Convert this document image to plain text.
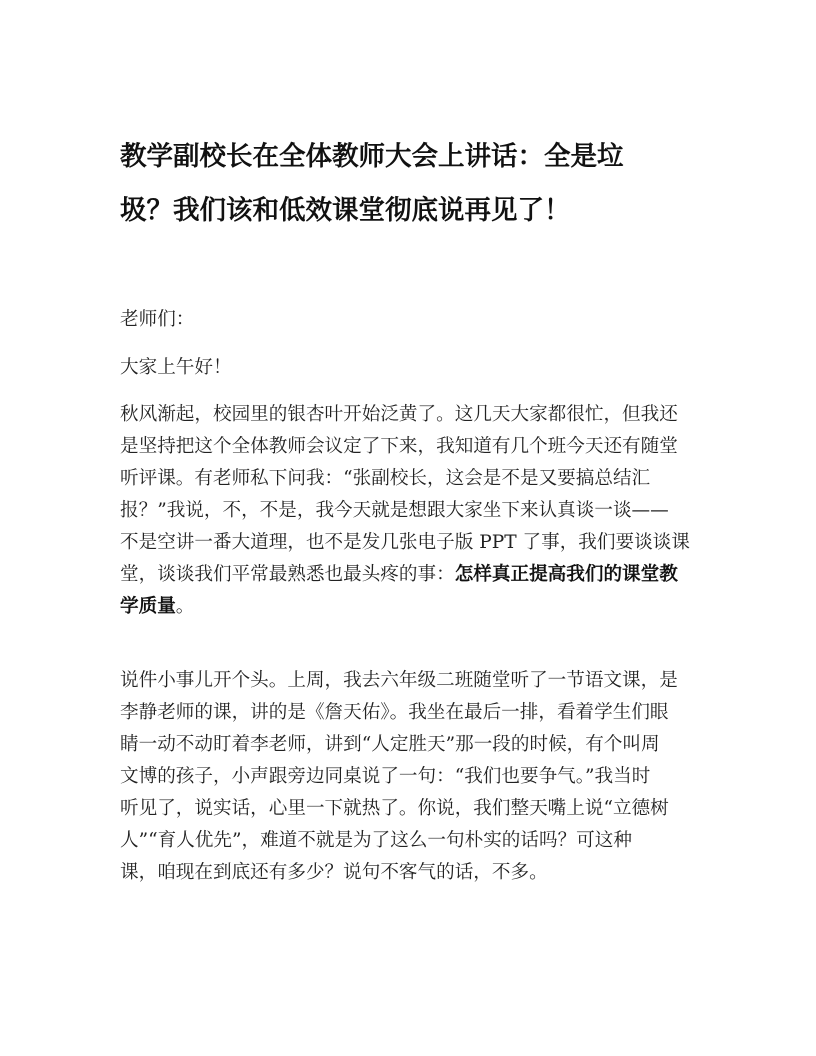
教学副校长在全体教师大会上讲话：全是垃
圾？我们该和低效课堂彻底说再见了！
老师们：
大家上午好！
秋风渐起，校园里的银杏叶开始泛黄了。这几天大家都很忙，但我还
是坚持把这个全体教师会议定了下来，我知道有几个班今天还有随堂
听评课。有老师私下问我：“张副校长，这会是不是又要搞总结汇
报？”我说，不，不是，我今天就是想跟大家坐下来认真谈一谈——
不是空讲一番大道理，也不是发几张电子版 PPT 了事，我们要谈谈课
堂，谈谈我们平常最熟悉也最头疼的事：怎样真正提高我们的课堂教
学质量。
说件小事儿开个头。上周，我去六年级二班随堂听了一节语文课，是
李静老师的课，讲的是《詹天佑》。我坐在最后一排，看着学生们眼
睛一动不动盯着李老师，讲到“人定胜天”那一段的时候，有个叫周
文博的孩子，小声跟旁边同桌说了一句：“我们也要争气。”我当时
听见了，说实话，心里一下就热了。你说，我们整天嘴上说“立德树
人”“育人优先”，难道不就是为了这么一句朴实的话吗？可这种
课，咱现在到底还有多少？说句不客气的话，不多。
